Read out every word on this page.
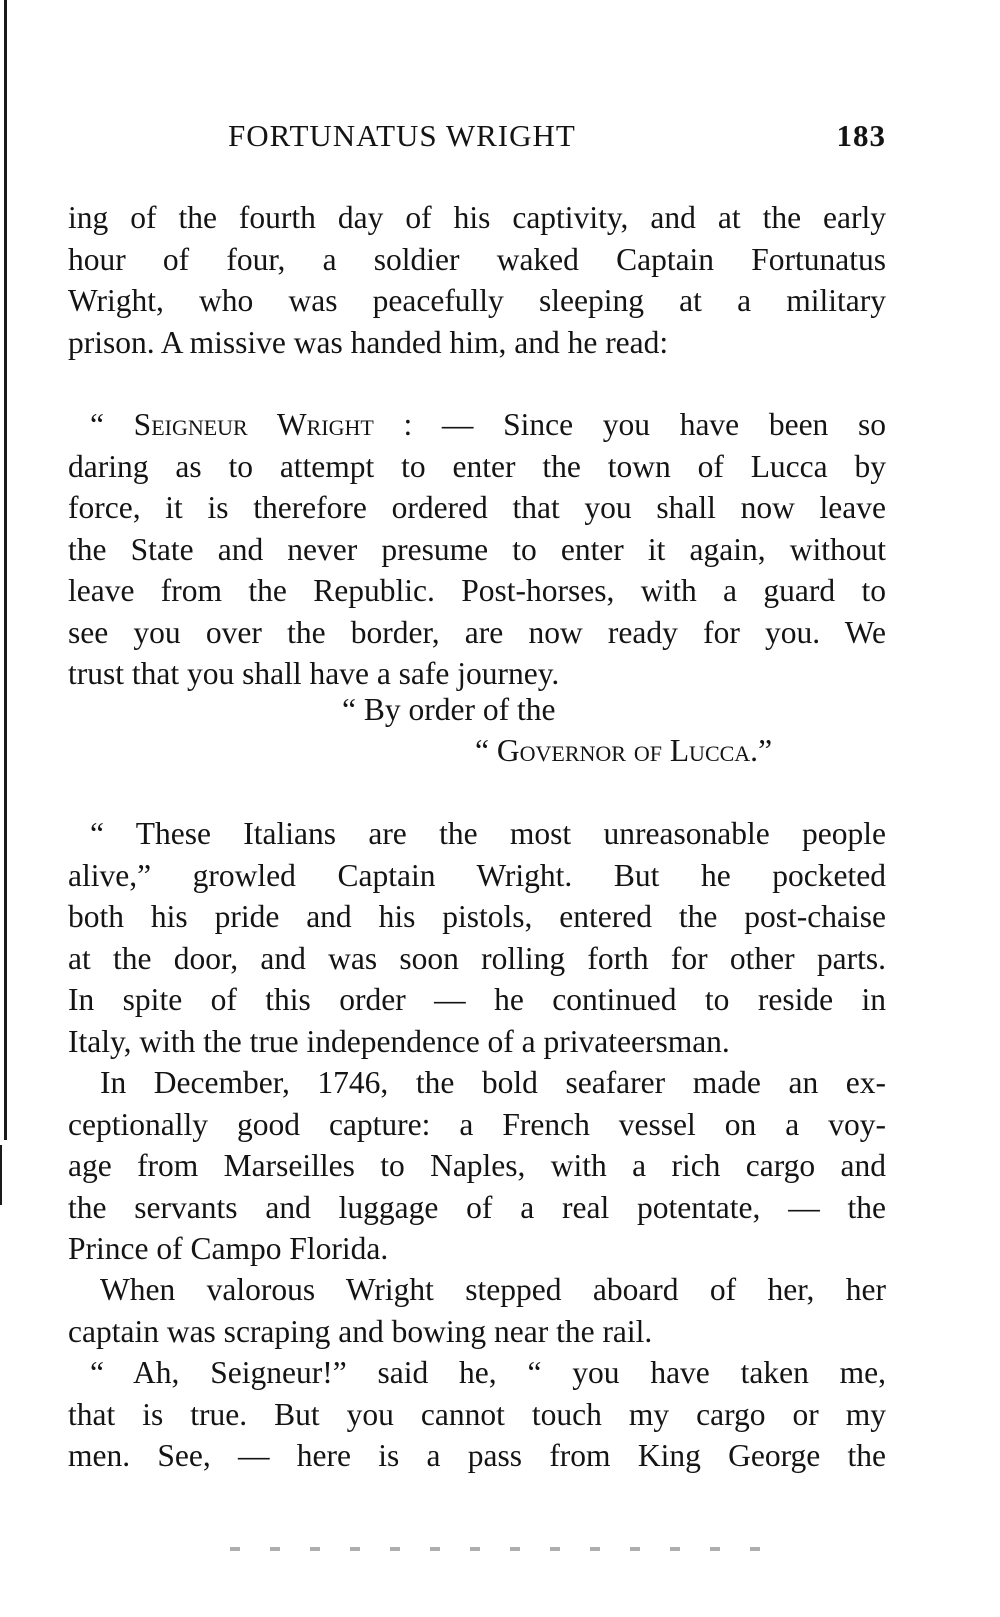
FORTUNATUS WRIGHT	183
ing of the fourth day of his captivity, and at the early
hour of four, a soldier waked Captain Fortunatus
Wright, who was peacefully sleeping at a military
prison. A missive was handed him, and he read:
“ Seigneur Wright : — Since you have been so
daring as to attempt to enter the town of Lucca by
force, it is therefore ordered that you shall now leave
the State and never presume to enter it again, without
leave from the Republic. Post-horses, with a guard to
see you over the border, are now ready for you. We
trust that you shall have a safe journey.
“ By order of the
“ Governor of Lucca.”
“ These Italians are the most unreasonable people
alive,” growled Captain Wright. But he pocketed
both his pride and his pistols, entered the post-chaise
at the door, and was soon rolling forth for other parts.
In spite of this order — he continued to reside in
Italy, with the true independence of a privateersman.
In December, 1746, the bold seafarer made an ex-
ceptionally good capture: a French vessel on a voy-
age from Marseilles to Naples, with a rich cargo and
the servants and luggage of a real potentate, — the
Prince of Campo Florida.
When valorous Wright stepped aboard of her, her
captain was scraping and bowing near the rail.
“ Ah, Seigneur!” said he, “ you have taken me,
that is true. But you cannot touch my cargo or my
men. See, — here is a pass from King George the
